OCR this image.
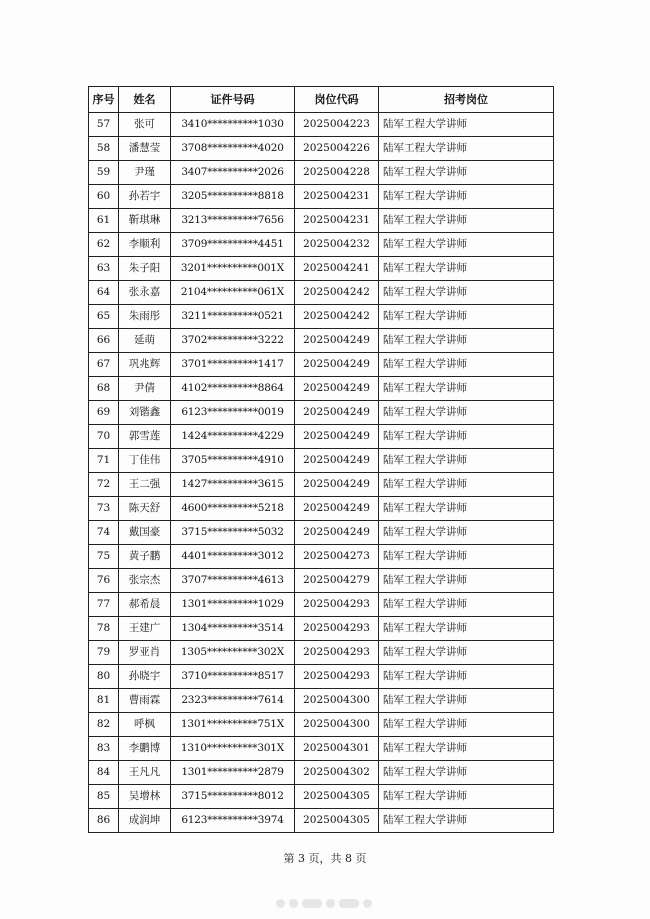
序号	姓名	证件号码	岗位代码	招考岗位
57	张可	3410**********1030	2025004223	陆军工程大学讲师
58	潘慧莹	3708**********4020	2025004226	陆军工程大学讲师
59	尹瑾	3407**********2026	2025004228	陆军工程大学讲师
60	孙若宇	3205**********8818	2025004231	陆军工程大学讲师
61	靳琪琳	3213**********7656	2025004231	陆军工程大学讲师
62	李顺利	3709**********4451	2025004232	陆军工程大学讲师
63	朱子阳	3201**********001X	2025004241	陆军工程大学讲师
64	张永嘉	2104**********061X	2025004242	陆军工程大学讲师
65	朱雨彤	3211**********0521	2025004242	陆军工程大学讲师
66	延萌	3702**********3222	2025004249	陆军工程大学讲师
67	巩兆辉	3701**********1417	2025004249	陆军工程大学讲师
68	尹倩	4102**********8864	2025004249	陆军工程大学讲师
69	刘锴鑫	6123**********0019	2025004249	陆军工程大学讲师
70	郭雪莲	1424**********4229	2025004249	陆军工程大学讲师
71	丁佳伟	3705**********4910	2025004249	陆军工程大学讲师
72	王二强	1427**********3615	2025004249	陆军工程大学讲师
73	陈天舒	4600**********5218	2025004249	陆军工程大学讲师
74	戴国豪	3715**********5032	2025004249	陆军工程大学讲师
75	黄子鹏	4401**********3012	2025004273	陆军工程大学讲师
76	张宗杰	3707**********4613	2025004279	陆军工程大学讲师
77	郝希晨	1301**********1029	2025004293	陆军工程大学讲师
78	王建广	1304**********3514	2025004293	陆军工程大学讲师
79	罗亚肖	1305**********302X	2025004293	陆军工程大学讲师
80	孙晓宇	3710**********8517	2025004293	陆军工程大学讲师
81	曹雨霖	2323**********7614	2025004300	陆军工程大学讲师
82	呼枫	1301**********751X	2025004300	陆军工程大学讲师
83	李鹏博	1310**********301X	2025004301	陆军工程大学讲师
84	王凡凡	1301**********2879	2025004302	陆军工程大学讲师
85	吴增林	3715**********8012	2025004305	陆军工程大学讲师
86	成润坤	6123**********3974	2025004305	陆军工程大学讲师
第 3 页，共 8 页
